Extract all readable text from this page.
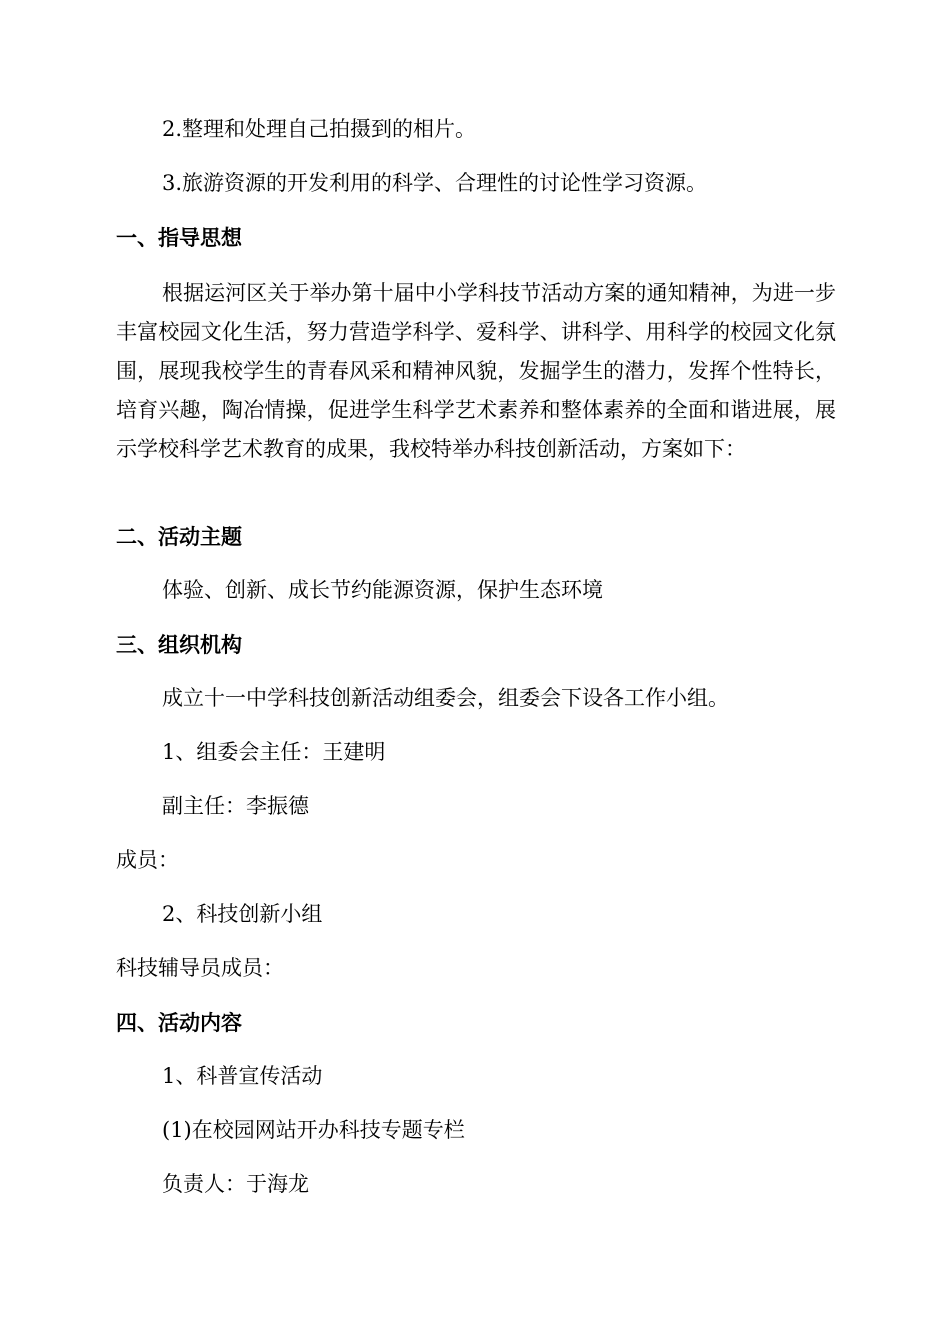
2.整理和处理自己拍摄到的相片。

3.旅游资源的开发利用的科学、合理性的讨论性学习资源。

一、指导思想

根据运河区关于举办第十届中小学科技节活动方案的通知精神，为进一步丰富校园文化生活，努力营造学科学、爱科学、讲科学、用科学的校园文化氛围，展现我校学生的青春风采和精神风貌，发掘学生的潜力，发挥个性特长，培育兴趣，陶冶情操，促进学生科学艺术素养和整体素养的全面和谐进展，展示学校科学艺术教育的成果，我校特举办科技创新活动，方案如下：

二、活动主题

体验、创新、成长节约能源资源，保护生态环境

三、组织机构

成立十一中学科技创新活动组委会，组委会下设各工作小组。

1、组委会主任：王建明

副主任：李振德

成员：

2、科技创新小组

科技辅导员成员：

四、活动内容

1、科普宣传活动

(1)在校园网站开办科技专题专栏

负责人：于海龙
